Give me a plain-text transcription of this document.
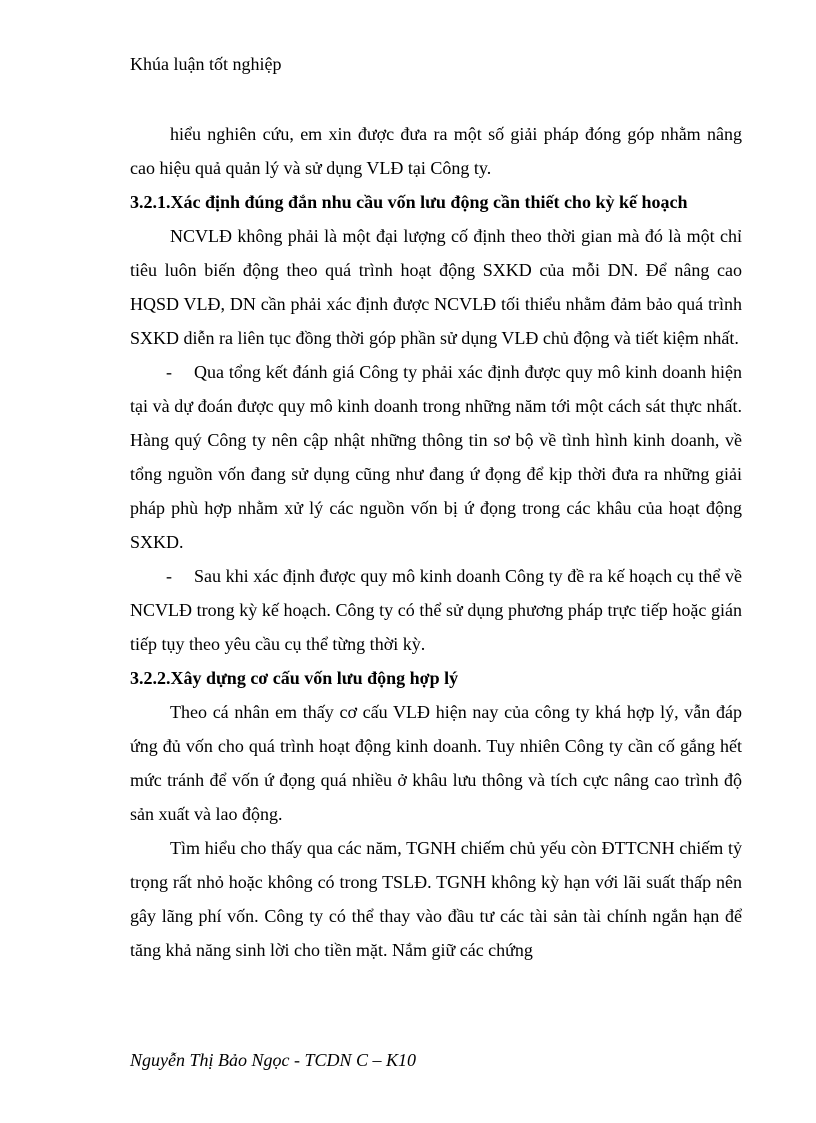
Khúa luận tốt nghiệp

hiểu nghiên cứu, em xin được đưa ra một số giải pháp đóng góp nhằm nâng cao hiệu quả quản lý và sử dụng VLĐ tại Công ty.

3.2.1.Xác định đúng đắn nhu cầu vốn lưu động cần thiết cho kỳ kế hoạch

NCVLĐ không phải là một đại lượng cố định theo thời gian mà đó là một chỉ tiêu luôn biến động theo quá trình hoạt động SXKD của mỗi DN. Để nâng cao HQSD VLĐ, DN cần phải xác định được NCVLĐ tối thiểu nhằm đảm bảo quá trình SXKD diễn ra liên tục đồng thời góp phần sử dụng VLĐ chủ động và tiết kiệm nhất.

- Qua tổng kết đánh giá Công ty phải xác định được quy mô kinh doanh hiện tại và dự đoán được quy mô kinh doanh trong những năm tới một cách sát thực nhất. Hàng quý Công ty nên cập nhật những thông tin sơ bộ về tình hình kinh doanh, về tổng nguồn vốn đang sử dụng cũng như đang ứ đọng để kịp thời đưa ra những giải pháp phù hợp nhằm xử lý các nguồn vốn bị ứ đọng trong các khâu của hoạt động SXKD.

- Sau khi xác định được quy mô kinh doanh Công ty đề ra kế hoạch cụ thể về NCVLĐ trong kỳ kế hoạch. Công ty có thể sử dụng phương pháp trực tiếp hoặc gián tiếp tụy theo yêu cầu cụ thể từng thời kỳ.

3.2.2.Xây dựng cơ cấu vốn lưu động hợp lý

Theo cá nhân em thấy cơ cấu VLĐ hiện nay của công ty khá hợp lý, vẫn đáp ứng đủ vốn cho quá trình hoạt động kinh doanh. Tuy nhiên Công ty cần cố gắng hết mức tránh để vốn ứ đọng quá nhiều ở khâu lưu thông và tích cực nâng cao trình độ sản xuất và lao động.

Tìm hiểu cho thấy qua các năm, TGNH chiếm chủ yếu còn ĐTTCNH chiếm tỷ trọng rất nhỏ hoặc không có trong TSLĐ. TGNH không kỳ hạn với lãi suất thấp nên gây lãng phí vốn. Công ty có thể thay vào đầu tư các tài sản tài chính ngắn hạn để tăng khả năng sinh lời cho tiền mặt. Nắm giữ các chứng

Nguyễn Thị Bảo Ngọc - TCDN C – K10
